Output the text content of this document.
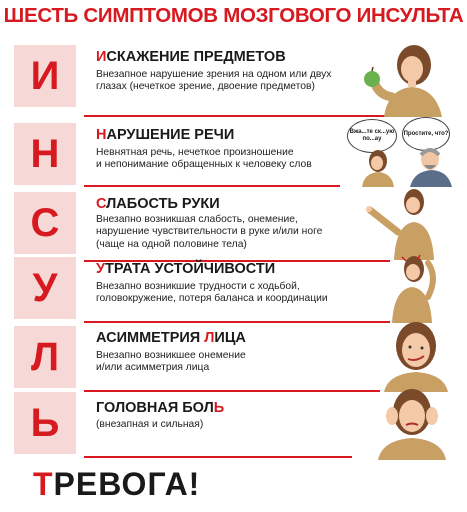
ШЕСТЬ СИМПТОМОВ МОЗГОВОГО ИНСУЛЬТА
И	ИСКАЖЕНИЕ ПРЕДМЕТОВ
Внезапное нарушение зрения на одном или двух
глазах (нечеткое зрение, двоение предметов)
Н	НАРУШЕНИЕ РЕЧИ
Невнятная речь, нечеткое произношение
и непонимание обращенных к человеку слов
Вжа...те ск...ую по...ау
Простите, что?
С	СЛАБОСТЬ РУКИ
Внезапно возникшая слабость, онемение,
нарушение чувствительности в руке и/или ноге
(чаще на одной половине тела)
У	УТРАТА УСТОЙЧИВОСТИ
Внезапно возникшие трудности с ходьбой,
головокружение, потеря баланса и координации
Л	АСИММЕТРИЯ ЛИЦА
Внезапно возникшее онемение
и/или асимметрия лица
Ь	ГОЛОВНАЯ БОЛЬ
(внезапная и сильная)
ТРЕВОГА!
